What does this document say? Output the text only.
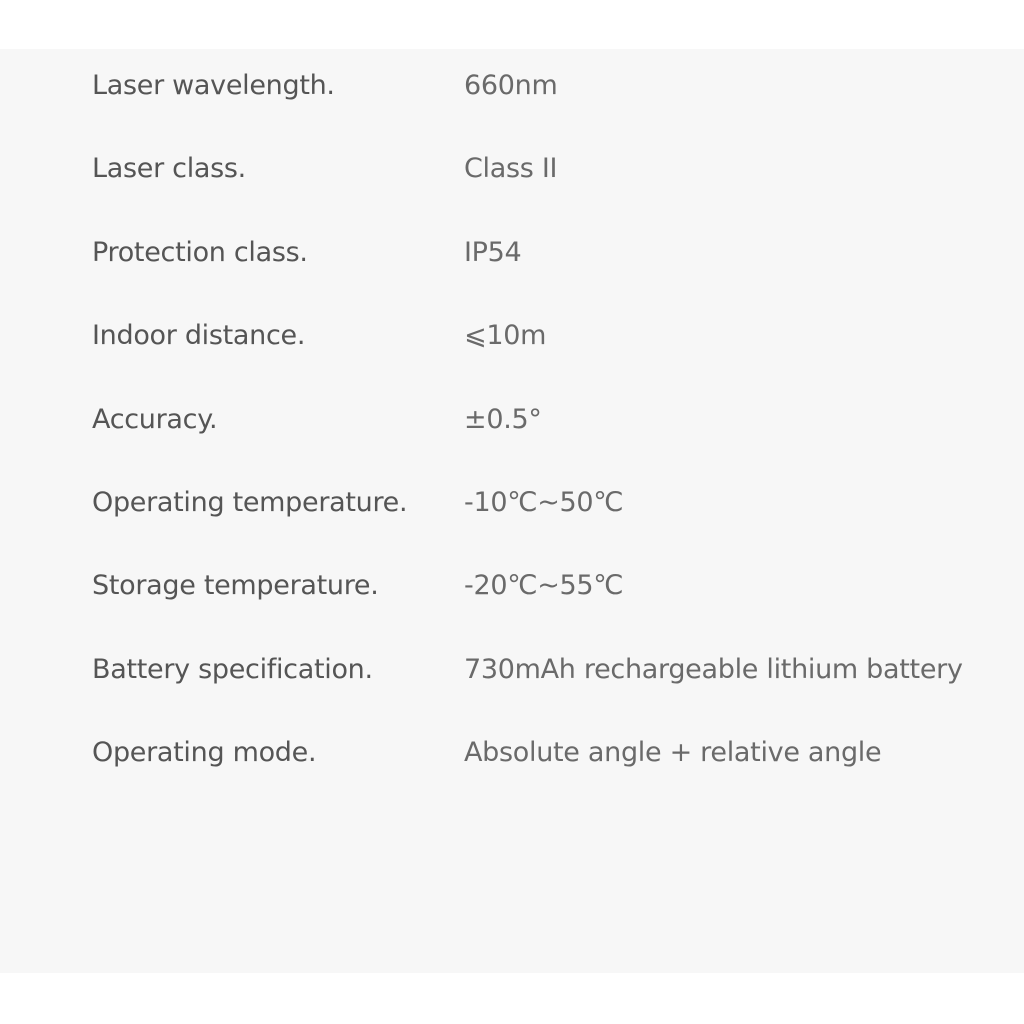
Laser wavelength.	660nm
Laser class.	Class II
Protection class.	IP54
Indoor distance.	⩽10m
Accuracy.	±0.5°
Operating temperature. -10℃~50℃
Storage temperature.	-20℃~55℃
Battery specification.	730mAh rechargeable lithium battery
Operating mode.	Absolute angle + relative angle
